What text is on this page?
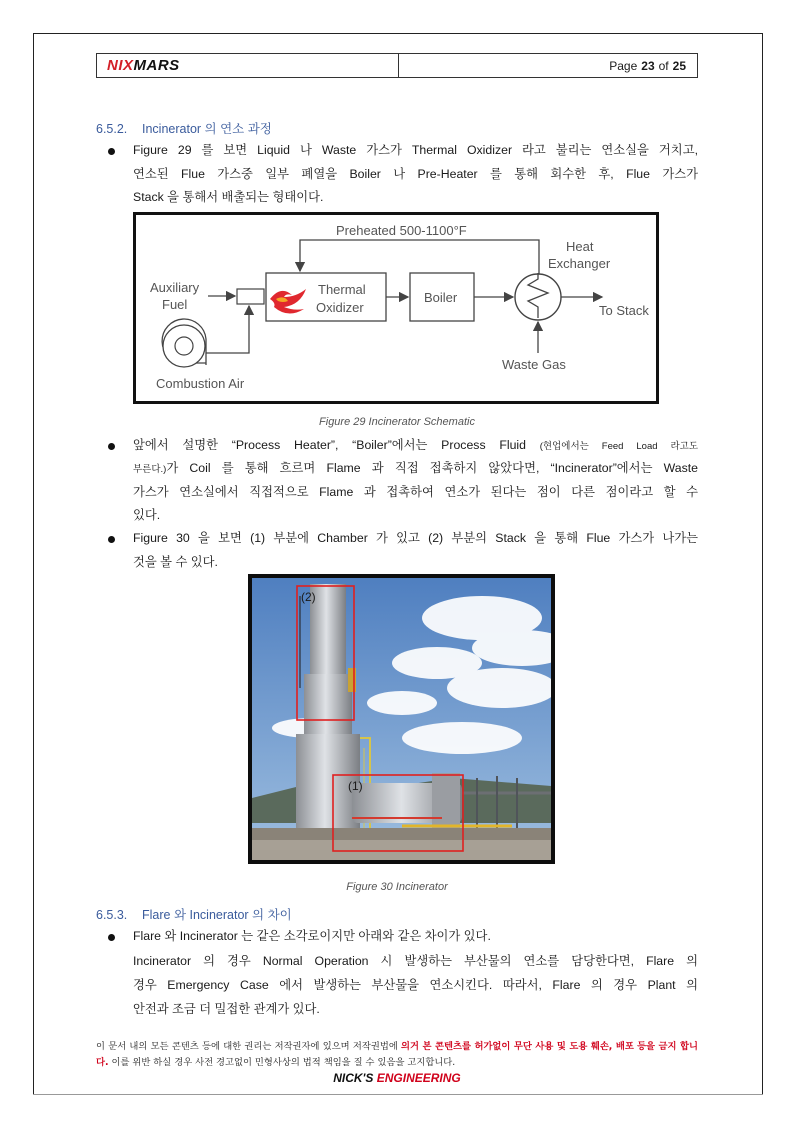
NIXMARS	Page 23 of 25
6.5.2. Incinerator 의 연소 과정
Figure 29 를 보면 Liquid 나 Waste 가스가 Thermal Oxidizer 라고 불리는 연소실을 거치고,
연소된 Flue 가스중 일부 폐열을 Boiler 나 Pre-Heater 를 통해 회수한 후, Flue 가스가
Stack 을 통해서 배출되는 형태이다.
Preheated 500-1100°F
Thermal
Oxidizer
Auxiliary
Fuel
Combustion Air
Boiler
Heat
Exchanger
To Stack
Waste Gas
Figure 29 Incinerator Schematic
앞에서 설명한 “Process Heater”, “Boiler”에서는 Process Fluid (현업에서는 Feed Load 라고도
부른다.)가 Coil 를 통해 흐르며 Flame 과 직접 접촉하지 않았다면, “Incinerator”에서는 Waste
가스가 연소실에서 직접적으로 Flame 과 접촉하여 연소가 된다는 점이 다른 점이라고 할 수
있다.
Figure 30 을 보면 (1) 부분에 Chamber 가 있고 (2) 부분의 Stack 을 통해 Flue 가스가 나가는
것을 볼 수 있다.
(2)
(1)
Figure 30 Incinerator
6.5.3. Flare 와 Incinerator 의 차이
Flare 와 Incinerator 는 같은 소각로이지만 아래와 같은 차이가 있다.
Incinerator 의 경우 Normal Operation 시 발생하는 부산물의 연소를 담당한다면, Flare 의
경우 Emergency Case 에서 발생하는 부산물을 연소시킨다. 따라서, Flare 의 경우 Plant 의
안전과 조금 더 밀접한 관계가 있다.
이 문서 내의 모든 콘텐츠 등에 대한 권리는 저작권자에 있으며 저작권법에 의거 본 콘텐츠를 허가없이 무단 사용 및 도용 훼손, 배포 등을 금지 합니다. 이를 위반 하실 경우 사전 경고없이 민형사상의 법적 책임을 질 수 있음을 고지합니다.
NICK'S ENGINEERING
